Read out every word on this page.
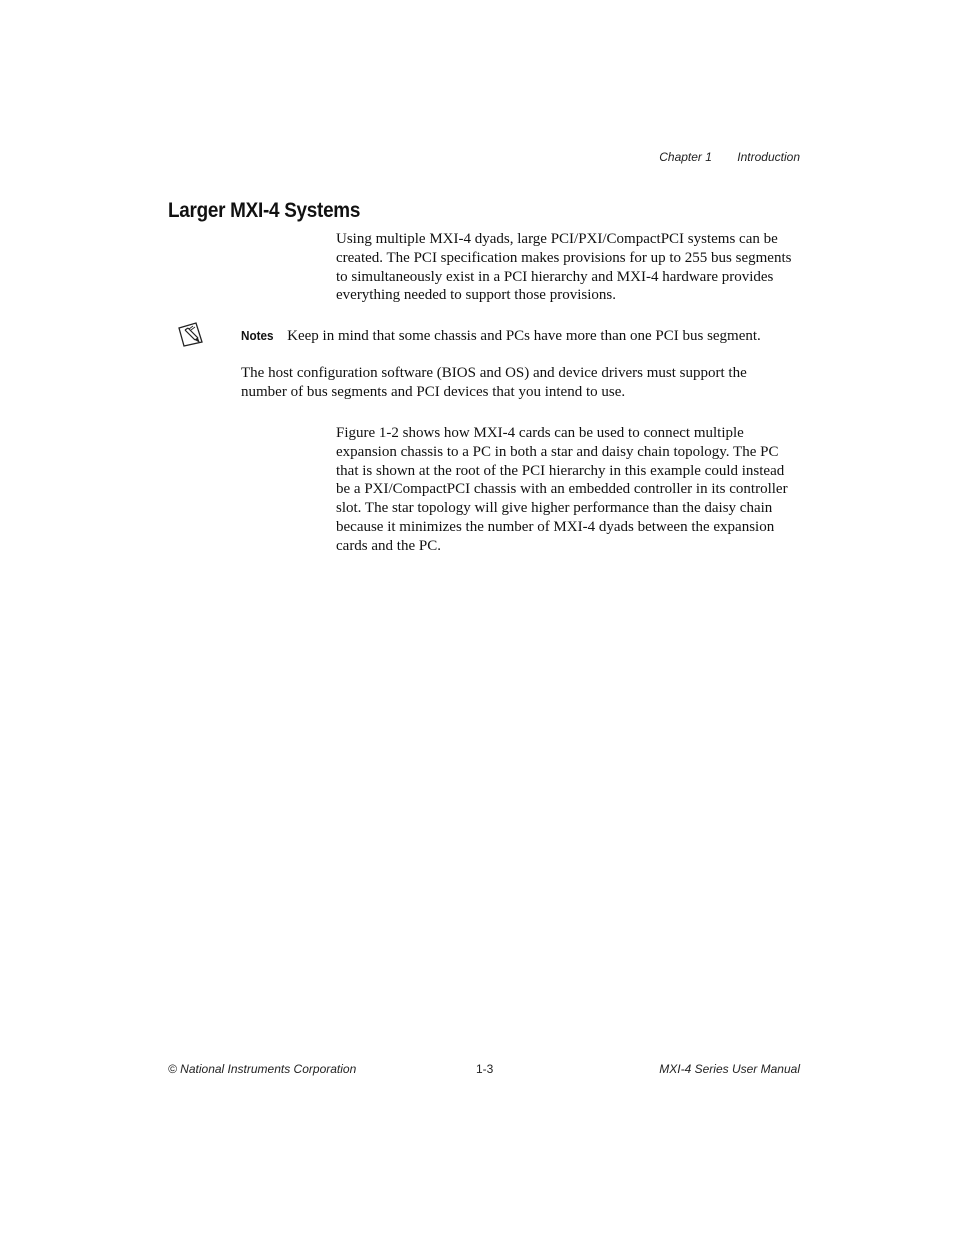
Chapter 1 Introduction
Larger MXI-4 Systems

Using multiple MXI-4 dyads, large PCI/PXI/CompactPCI systems can be created. The PCI specification makes provisions for up to 255 bus segments to simultaneously exist in a PCI hierarchy and MXI-4 hardware provides everything needed to support those provisions.

Notes Keep in mind that some chassis and PCs have more than one PCI bus segment.

The host configuration software (BIOS and OS) and device drivers must support the number of bus segments and PCI devices that you intend to use.

Figure 1-2 shows how MXI-4 cards can be used to connect multiple expansion chassis to a PC in both a star and daisy chain topology. The PC that is shown at the root of the PCI hierarchy in this example could instead be a PXI/CompactPCI chassis with an embedded controller in its controller slot. The star topology will give higher performance than the daisy chain because it minimizes the number of MXI-4 dyads between the expansion cards and the PC.

© National Instruments Corporation	1-3	MXI-4 Series User Manual
